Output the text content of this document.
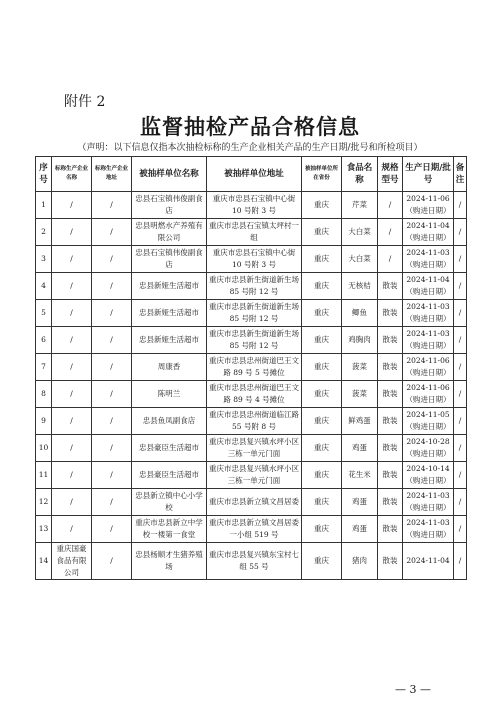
附件 2
监督抽检产品合格信息
（声明：以下信息仅指本次抽检标称的生产企业相关产品的生产日期/批号和所检项目）
序号	标称生产企业名称	标称生产企业地址	被抽样单位名称	被抽样单位地址	被抽样单位所在省份	食品名称	规格型号	生产日期/批号	备注
1	/	/	忠县石宝镇伟俊副食店	重庆市忠县石宝镇中心街 10 号附 3 号	重庆	芹菜	/	2024-11-06（购进日期）	/
2	/	/	忠县明燃水产养殖有限公司	重庆市忠县石宝镇太坪村一组	重庆	大白菜	/	2024-11-04（购进日期）	/
3	/	/	忠县石宝镇伟俊副食店	重庆市忠县石宝镇中心街 10 号附 3 号	重庆	大白菜	/	2024-11-03（购进日期）	/
4	/	/	忠县新娅生活超市	重庆市忠县新生街道新生场 85 号附 12 号	重庆	无核桔	散装	2024-11-04（购进日期）	/
5	/	/	忠县新娅生活超市	重庆市忠县新生街道新生场 85 号附 12 号	重庆	鲫鱼	散装	2024-11-03（购进日期）	/
6	/	/	忠县新娅生活超市	重庆市忠县新生街道新生场 85 号附 12 号	重庆	鸡胸肉	散装	2024-11-03（购进日期）	/
7	/	/	周康香	重庆市忠县忠州街道巴王文路 89 号 5 号摊位	重庆	菠菜	散装	2024-11-06（购进日期）	/
8	/	/	陈明兰	重庆市忠县忠州街道巴王文路 89 号 4 号摊位	重庆	菠菜	散装	2024-11-06（购进日期）	/
9	/	/	忠县鱼凤副食店	重庆市忠县忠州街道临江路 55 号附 8 号	重庆	鲜鸡蛋	散装	2024-11-05（购进日期）	/
10	/	/	忠县豪臣生活超市	重庆市忠县复兴镇水坪小区三栋一单元门面	重庆	鸡蛋	散装	2024-10-28（购进日期）	/
11	/	/	忠县豪臣生活超市	重庆市忠县复兴镇水坪小区三栋一单元门面	重庆	花生米	散装	2024-10-14（购进日期）	/
12	/	/	忠县新立镇中心小学校	重庆市忠县新立镇文昌居委	重庆	鸡蛋	散装	2024-11-03（购进日期）	/
13	/	/	重庆市忠县新立中学校一楼第一食堂	重庆市忠县新立镇文昌居委一小组 519 号	重庆	鸡蛋	散装	2024-11-03（购进日期）	/
14	重庆国豪食品有限公司	/	忠县杨顺才生猪养殖场	重庆市忠县复兴镇东宝村七组 55 号	重庆	猪肉	散装	2024-11-04	/
— 3 —
